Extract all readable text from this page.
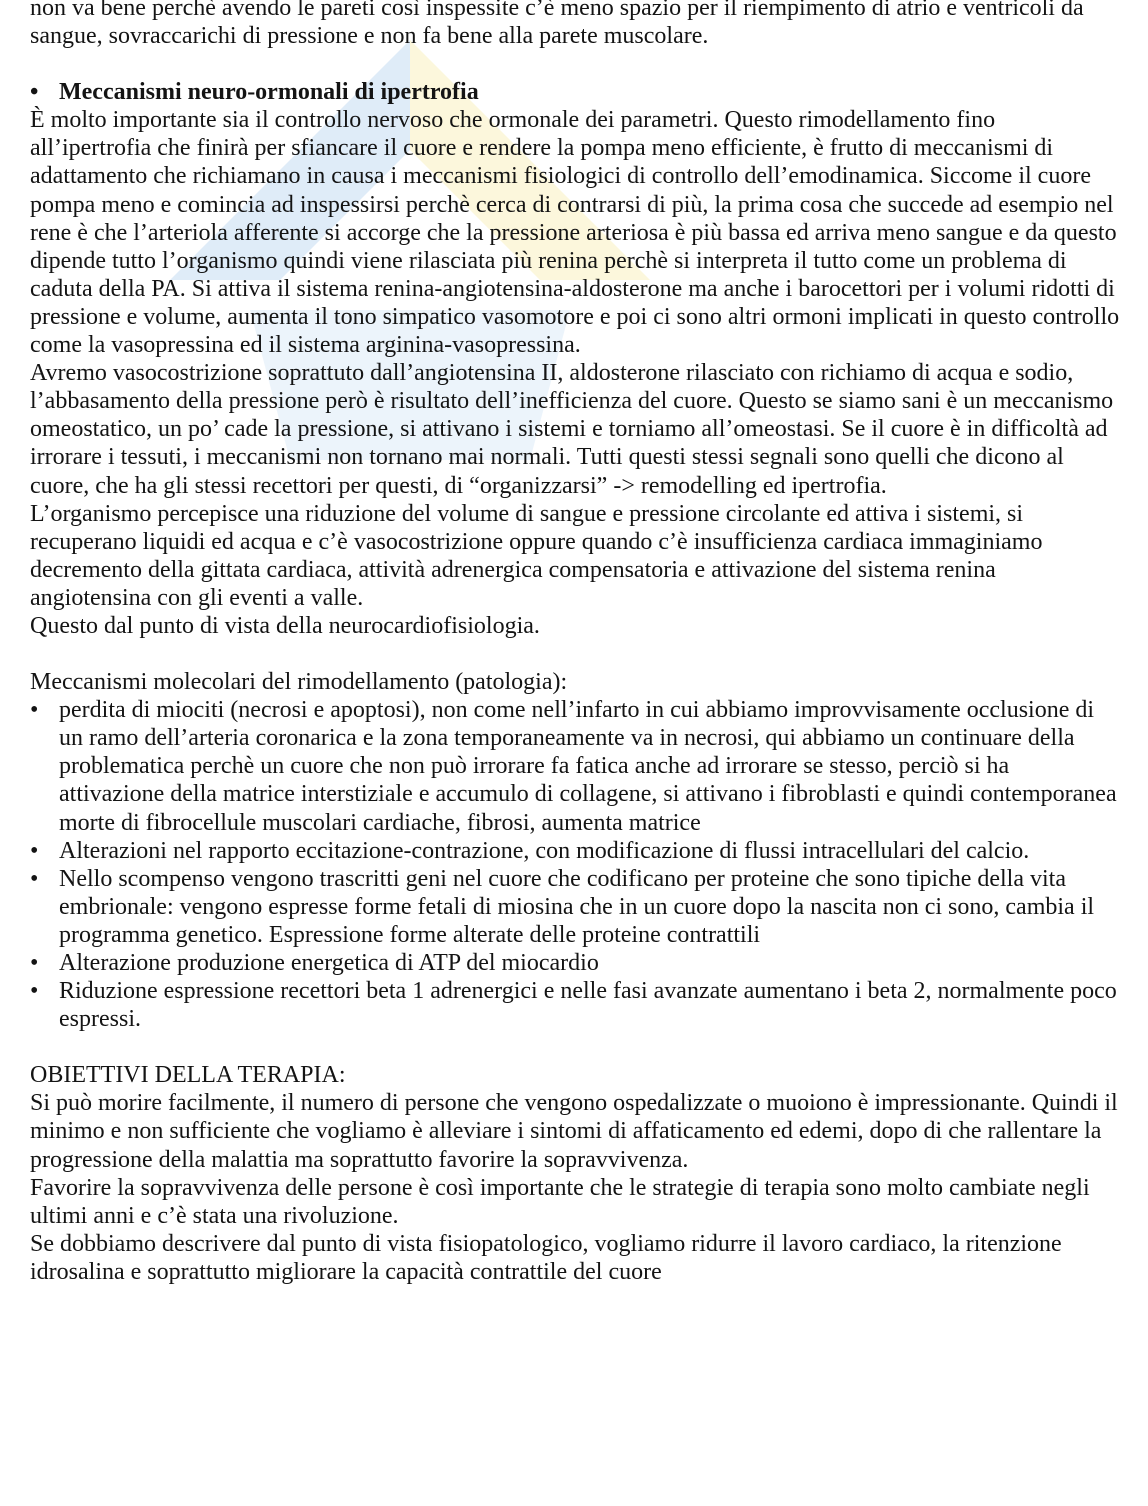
non va bene perchè avendo le pareti così inspessite c’è meno spazio per il riempimento di atrio e ventricoli da sangue, sovraccarichi di pressione e non fa bene alla parete muscolare.

• Meccanismi neuro-ormonali di ipertrofia

È molto importante sia il controllo nervoso che ormonale dei parametri. Questo rimodellamento fino all’ipertrofia che finirà per sfiancare il cuore e rendere la pompa meno efficiente, è frutto di meccanismi di adattamento che richiamano in causa i meccanismi fisiologici di controllo dell’emodinamica. Siccome il cuore pompa meno e comincia ad inspessirsi perchè cerca di contrarsi di più, la prima cosa che succede ad esempio nel rene è che l’arteriola afferente si accorge che la pressione arteriosa è più bassa ed arriva meno sangue e da questo dipende tutto l’organismo quindi viene rilasciata più renina perchè si interpreta il tutto come un problema di caduta della PA. Si attiva il sistema renina-angiotensina-aldosterone ma anche i barocettori per i volumi ridotti di pressione e volume, aumenta il tono simpatico vasomotore e poi ci sono altri ormoni implicati in questo controllo come la vasopressina ed il sistema arginina-vasopressina.

Avremo vasocostrizione soprattuto dall’angiotensina II, aldosterone rilasciato con richiamo di acqua e sodio, l’abbasamento della pressione però è risultato dell’inefficienza del cuore. Questo se siamo sani è un meccanismo omeostatico, un po’ cade la pressione, si attivano i sistemi e torniamo all’omeostasi. Se il cuore è in difficoltà ad irrorare i tessuti, i meccanismi non tornano mai normali. Tutti questi stessi segnali sono quelli che dicono al cuore, che ha gli stessi recettori per questi, di “organizzarsi” -> remodelling ed ipertrofia.

L’organismo percepisce una riduzione del volume di sangue e pressione circolante ed attiva i sistemi, si recuperano liquidi ed acqua e c’è vasocostrizione oppure quando c’è insufficienza cardiaca immaginiamo decremento della gittata cardiaca, attività adrenergica compensatoria e attivazione del sistema renina angiotensina con gli eventi a valle.

Questo dal punto di vista della neurocardiofisiologia.

Meccanismi molecolari del rimodellamento (patologia):

• perdita di miociti (necrosi e apoptosi), non come nell’infarto in cui abbiamo improvvisamente occlusione di un ramo dell’arteria coronarica e la zona temporaneamente va in necrosi, qui abbiamo un continuare della problematica perchè un cuore che non può irrorare fa fatica anche ad irrorare se stesso, perciò si ha attivazione della matrice interstiziale e accumulo di collagene, si attivano i fibroblasti e quindi contemporanea morte di fibrocellule muscolari cardiache, fibrosi, aumenta matrice
• Alterazioni nel rapporto eccitazione-contrazione, con modificazione di flussi intracellulari del calcio.
• Nello scompenso vengono trascritti geni nel cuore che codificano per proteine che sono tipiche della vita embrionale: vengono espresse forme fetali di miosina che in un cuore dopo la nascita non ci sono, cambia il programma genetico. Espressione forme alterate delle proteine contrattili
• Alterazione produzione energetica di ATP del miocardio
• Riduzione espressione recettori beta 1 adrenergici e nelle fasi avanzate aumentano i beta 2, normalmente poco espressi.

OBIETTIVI DELLA TERAPIA:

Si può morire facilmente, il numero di persone che vengono ospedalizzate o muoiono è impressionante. Quindi il minimo e non sufficiente che vogliamo è alleviare i sintomi di affaticamento ed edemi, dopo di che rallentare la progressione della malattia ma soprattutto favorire la sopravvivenza.

Favorire la sopravvivenza delle persone è così importante che le strategie di terapia sono molto cambiate negli ultimi anni e c’è stata una rivoluzione.

Se dobbiamo descrivere dal punto di vista fisiopatologico, vogliamo ridurre il lavoro cardiaco, la ritenzione idrosalina e soprattutto migliorare la capacità contrattile del cuore
